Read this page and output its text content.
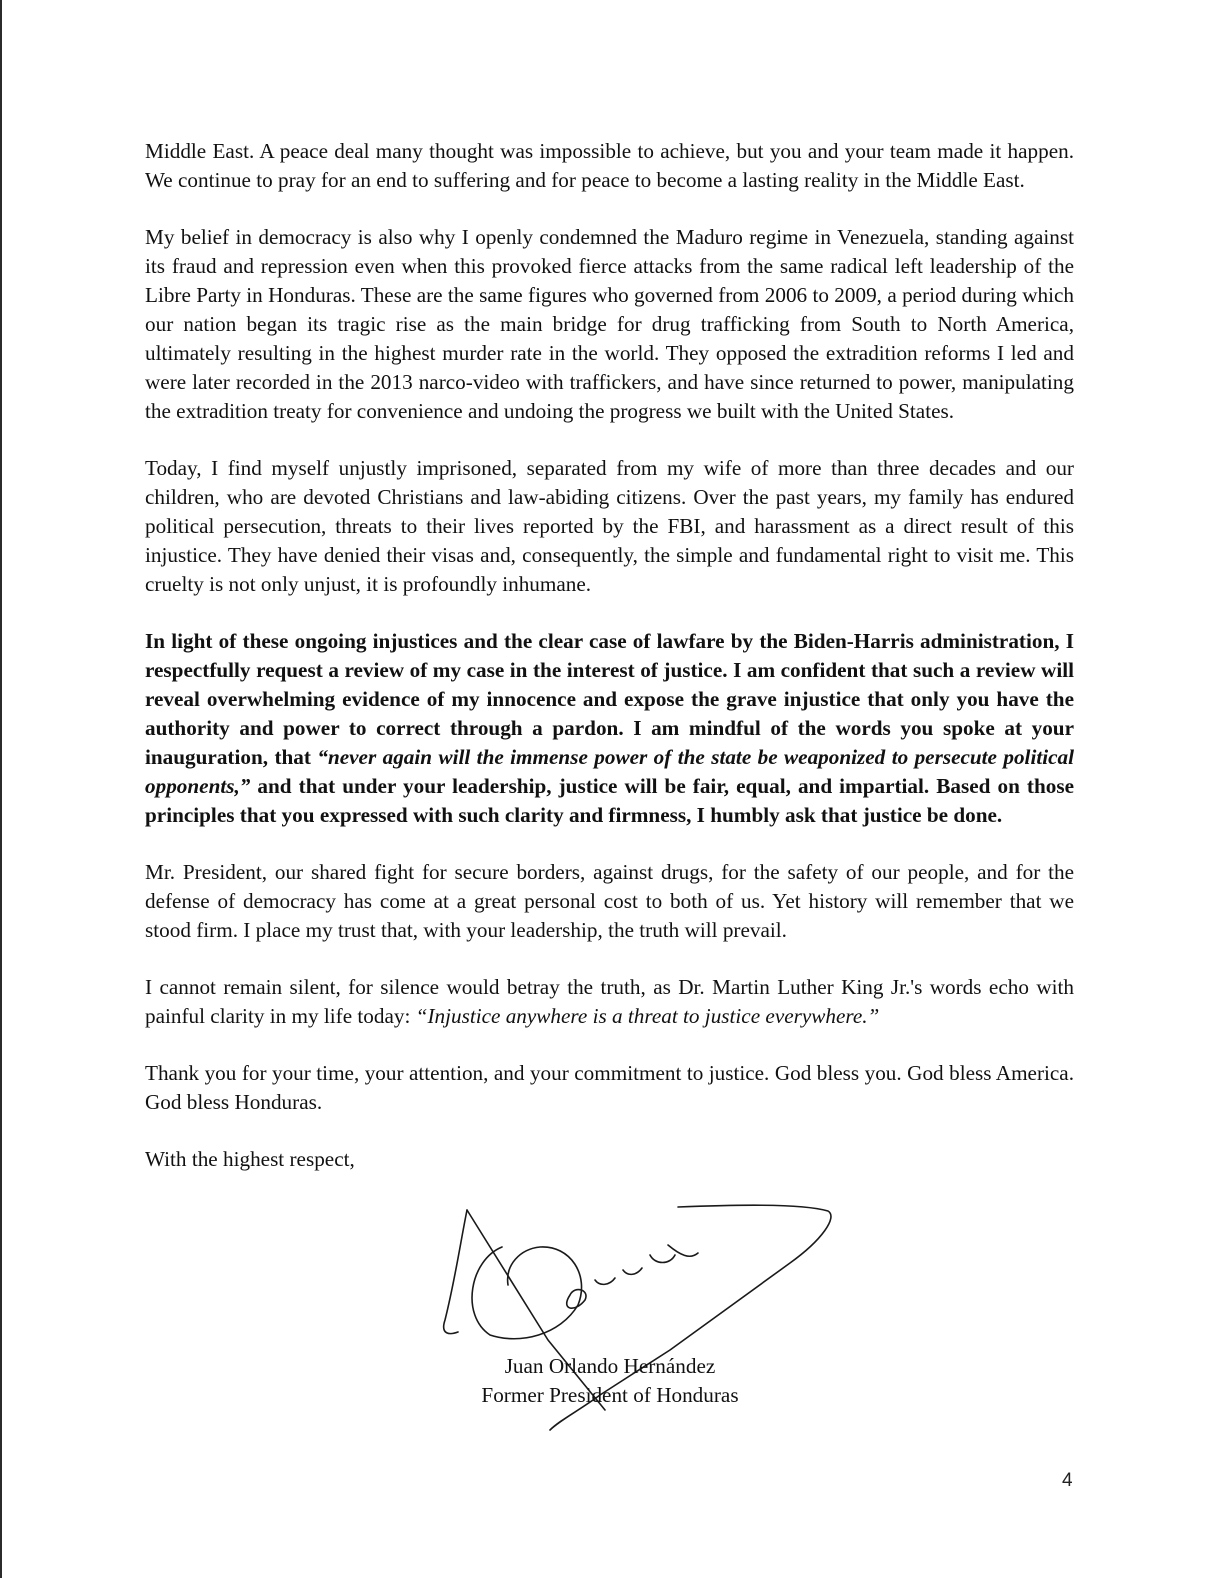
Middle East. A peace deal many thought was impossible to achieve, but you and your team made it happen. We continue to pray for an end to suffering and for peace to become a lasting reality in the Middle East.

My belief in democracy is also why I openly condemned the Maduro regime in Venezuela, standing against its fraud and repression even when this provoked fierce attacks from the same radical left leadership of the Libre Party in Honduras. These are the same figures who governed from 2006 to 2009, a period during which our nation began its tragic rise as the main bridge for drug trafficking from South to North America, ultimately resulting in the highest murder rate in the world. They opposed the extradition reforms I led and were later recorded in the 2013 narco-video with traffickers, and have since returned to power, manipulating the extradition treaty for convenience and undoing the progress we built with the United States.

Today, I find myself unjustly imprisoned, separated from my wife of more than three decades and our children, who are devoted Christians and law-abiding citizens. Over the past years, my family has endured political persecution, threats to their lives reported by the FBI, and harassment as a direct result of this injustice. They have denied their visas and, consequently, the simple and fundamental right to visit me. This cruelty is not only unjust, it is profoundly inhumane.

In light of these ongoing injustices and the clear case of lawfare by the Biden-Harris administration, I respectfully request a review of my case in the interest of justice. I am confident that such a review will reveal overwhelming evidence of my innocence and expose the grave injustice that only you have the authority and power to correct through a pardon. I am mindful of the words you spoke at your inauguration, that “never again will the immense power of the state be weaponized to persecute political opponents,” and that under your leadership, justice will be fair, equal, and impartial. Based on those principles that you expressed with such clarity and firmness, I humbly ask that justice be done.

Mr. President, our shared fight for secure borders, against drugs, for the safety of our people, and for the defense of democracy has come at a great personal cost to both of us. Yet history will remember that we stood firm. I place my trust that, with your leadership, the truth will prevail.

I cannot remain silent, for silence would betray the truth, as Dr. Martin Luther King Jr.'s words echo with painful clarity in my life today: “Injustice anywhere is a threat to justice everywhere.”

Thank you for your time, your attention, and your commitment to justice. God bless you. God bless America. God bless Honduras.

With the highest respect,

Juan Orlando Hernández
Former President of Honduras
4
